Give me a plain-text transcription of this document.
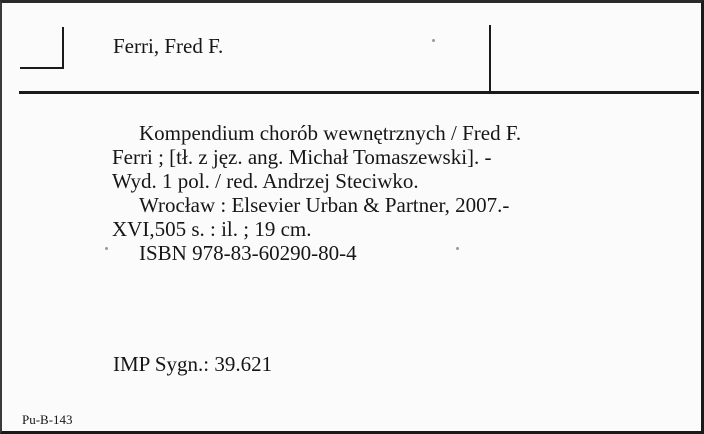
Ferri, Fred F.
Kompendium chorób wewnętrznych / Fred F.
Ferri ; [tł. z jęz. ang. Michał Tomaszewski]. -
Wyd. 1 pol. / red. Andrzej Steciwko.
Wrocław : Elsevier Urban & Partner, 2007.-
XVI,505 s. : il. ; 19 cm.
ISBN 978-83-60290-80-4
IMP Sygn.: 39.621
Pu-B-143
